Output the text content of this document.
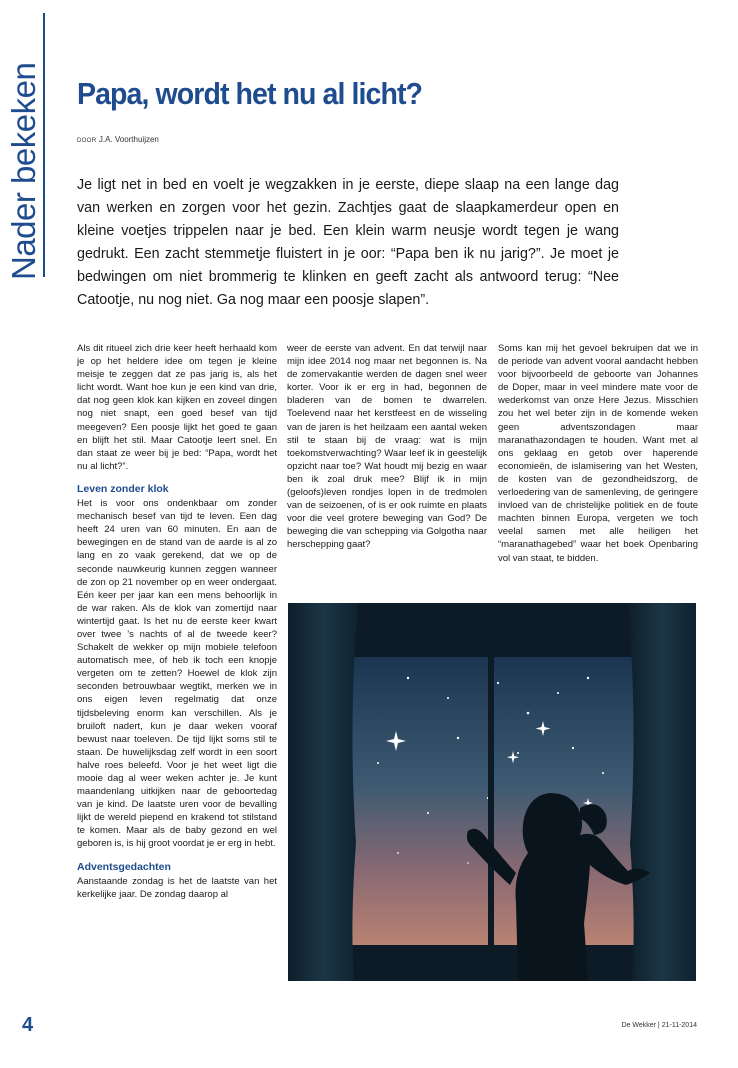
Nader bekeken Papa, wordt het nu al licht?
DOOR J.A. Voorthuijzen

Je ligt net in bed en voelt je wegzakken in je eerste, diepe slaap na een lange dag van werken en zorgen voor het gezin. Zachtjes gaat de slaapkamerdeur open en kleine voetjes trippelen naar je bed. Een klein warm neusje wordt tegen je wang gedrukt. Een zacht stemmetje fluistert in je oor: “Papa ben ik nu jarig?”. Je moet je bedwingen om niet brommerig te klinken en geeft zacht als antwoord terug: “Nee Catootje, nu nog niet. Ga nog maar een poosje slapen”.

Als dit ritueel zich drie keer heeft herhaald kom je op het heldere idee om tegen je kleine meisje te zeggen dat ze pas jarig is, als het licht wordt. Want hoe kun je een kind van drie, dat nog geen klok kan kijken en zoveel dingen nog niet snapt, een goed besef van tijd meegeven? Een poosje lijkt het goed te gaan en blijft het stil. Maar Catootje leert snel. En dan staat ze weer bij je bed: “Papa, wordt het nu al licht?”.

Leven zonder klok

Het is voor ons ondenkbaar om zonder mechanisch besef van tijd te leven. Een dag heeft 24 uren van 60 minuten. En aan de bewegingen en de stand van de aarde is al zo lang en zo vaak gerekend, dat we op de seconde nauwkeurig kunnen zeggen wanneer de zon op 21 november op en weer ondergaat. Eén keer per jaar kan een mens behoorlijk in de war raken. Als de klok van zomertijd naar wintertijd gaat. Is het nu de eerste keer kwart over twee ’s nachts of al de tweede keer? Schakelt de wekker op mijn mobiele telefoon automatisch mee, of heb ik toch een knopje vergeten om te zetten? Hoewel de klok zijn seconden betrouwbaar wegtikt, merken we in ons eigen leven regelmatig dat onze tijdsbeleving enorm kan verschillen. Als je bruiloft nadert, kun je daar weken vooraf bewust naar toeleven. De tijd lijkt soms stil te staan. De huwelijksdag zelf wordt in een soort halve roes beleefd. Voor je het weet ligt die mooie dag al weer weken achter je. Je kunt maandenlang uitkijken naar de geboortedag van je kind. De laatste uren voor de bevalling lijkt de wereld piepend en krakend tot stilstand te komen. Maar als de baby gezond en wel geboren is, is hij groot voordat je er erg in hebt.

Adventsgedachten

Aanstaande zondag is het de laatste van het kerkelijke jaar. De zondag daarop al

weer de eerste van advent. En dat terwijl naar mijn idee 2014 nog maar net begonnen is. Na de zomervakantie werden de dagen snel weer korter. Voor ik er erg in had, begonnen de bladeren van de bomen te dwarrelen. Toelevend naar het kerstfeest en de wisseling van de jaren is het heilzaam een aantal weken stil te staan bij de vraag: wat is mijn toekomstverwachting? Waar leef ik in geestelijk opzicht naar toe? Wat houdt mij bezig en waar ben ik zoal druk mee? Blijf ik in mijn (geloofs)leven rondjes lopen in de tredmolen van de seizoenen, of is er ook ruimte en plaats voor die veel grotere beweging van God? De beweging die van schepping via Golgotha naar herschepping gaat?

Soms kan mij het gevoel bekruipen dat we in de periode van advent vooral aandacht hebben voor bijvoorbeeld de geboorte van Johannes de Doper, maar in veel mindere mate voor de wederkomst van onze Here Jezus. Misschien zou het wel beter zijn in de komende weken geen adventszondagen maar maranathazondagen te houden. Want met al ons geklaag en getob over haperende economieën, de islamisering van het Westen, de kosten van de gezondheidszorg, de verloedering van de samenleving, de geringere invloed van de christelijke politiek en de foute machten binnen Europa, vergeten we toch veelal samen met alle heiligen het “maranathagebed” waar het boek Openbaring vol van staat, te bidden.

4	De Wekker | 21-11-2014
